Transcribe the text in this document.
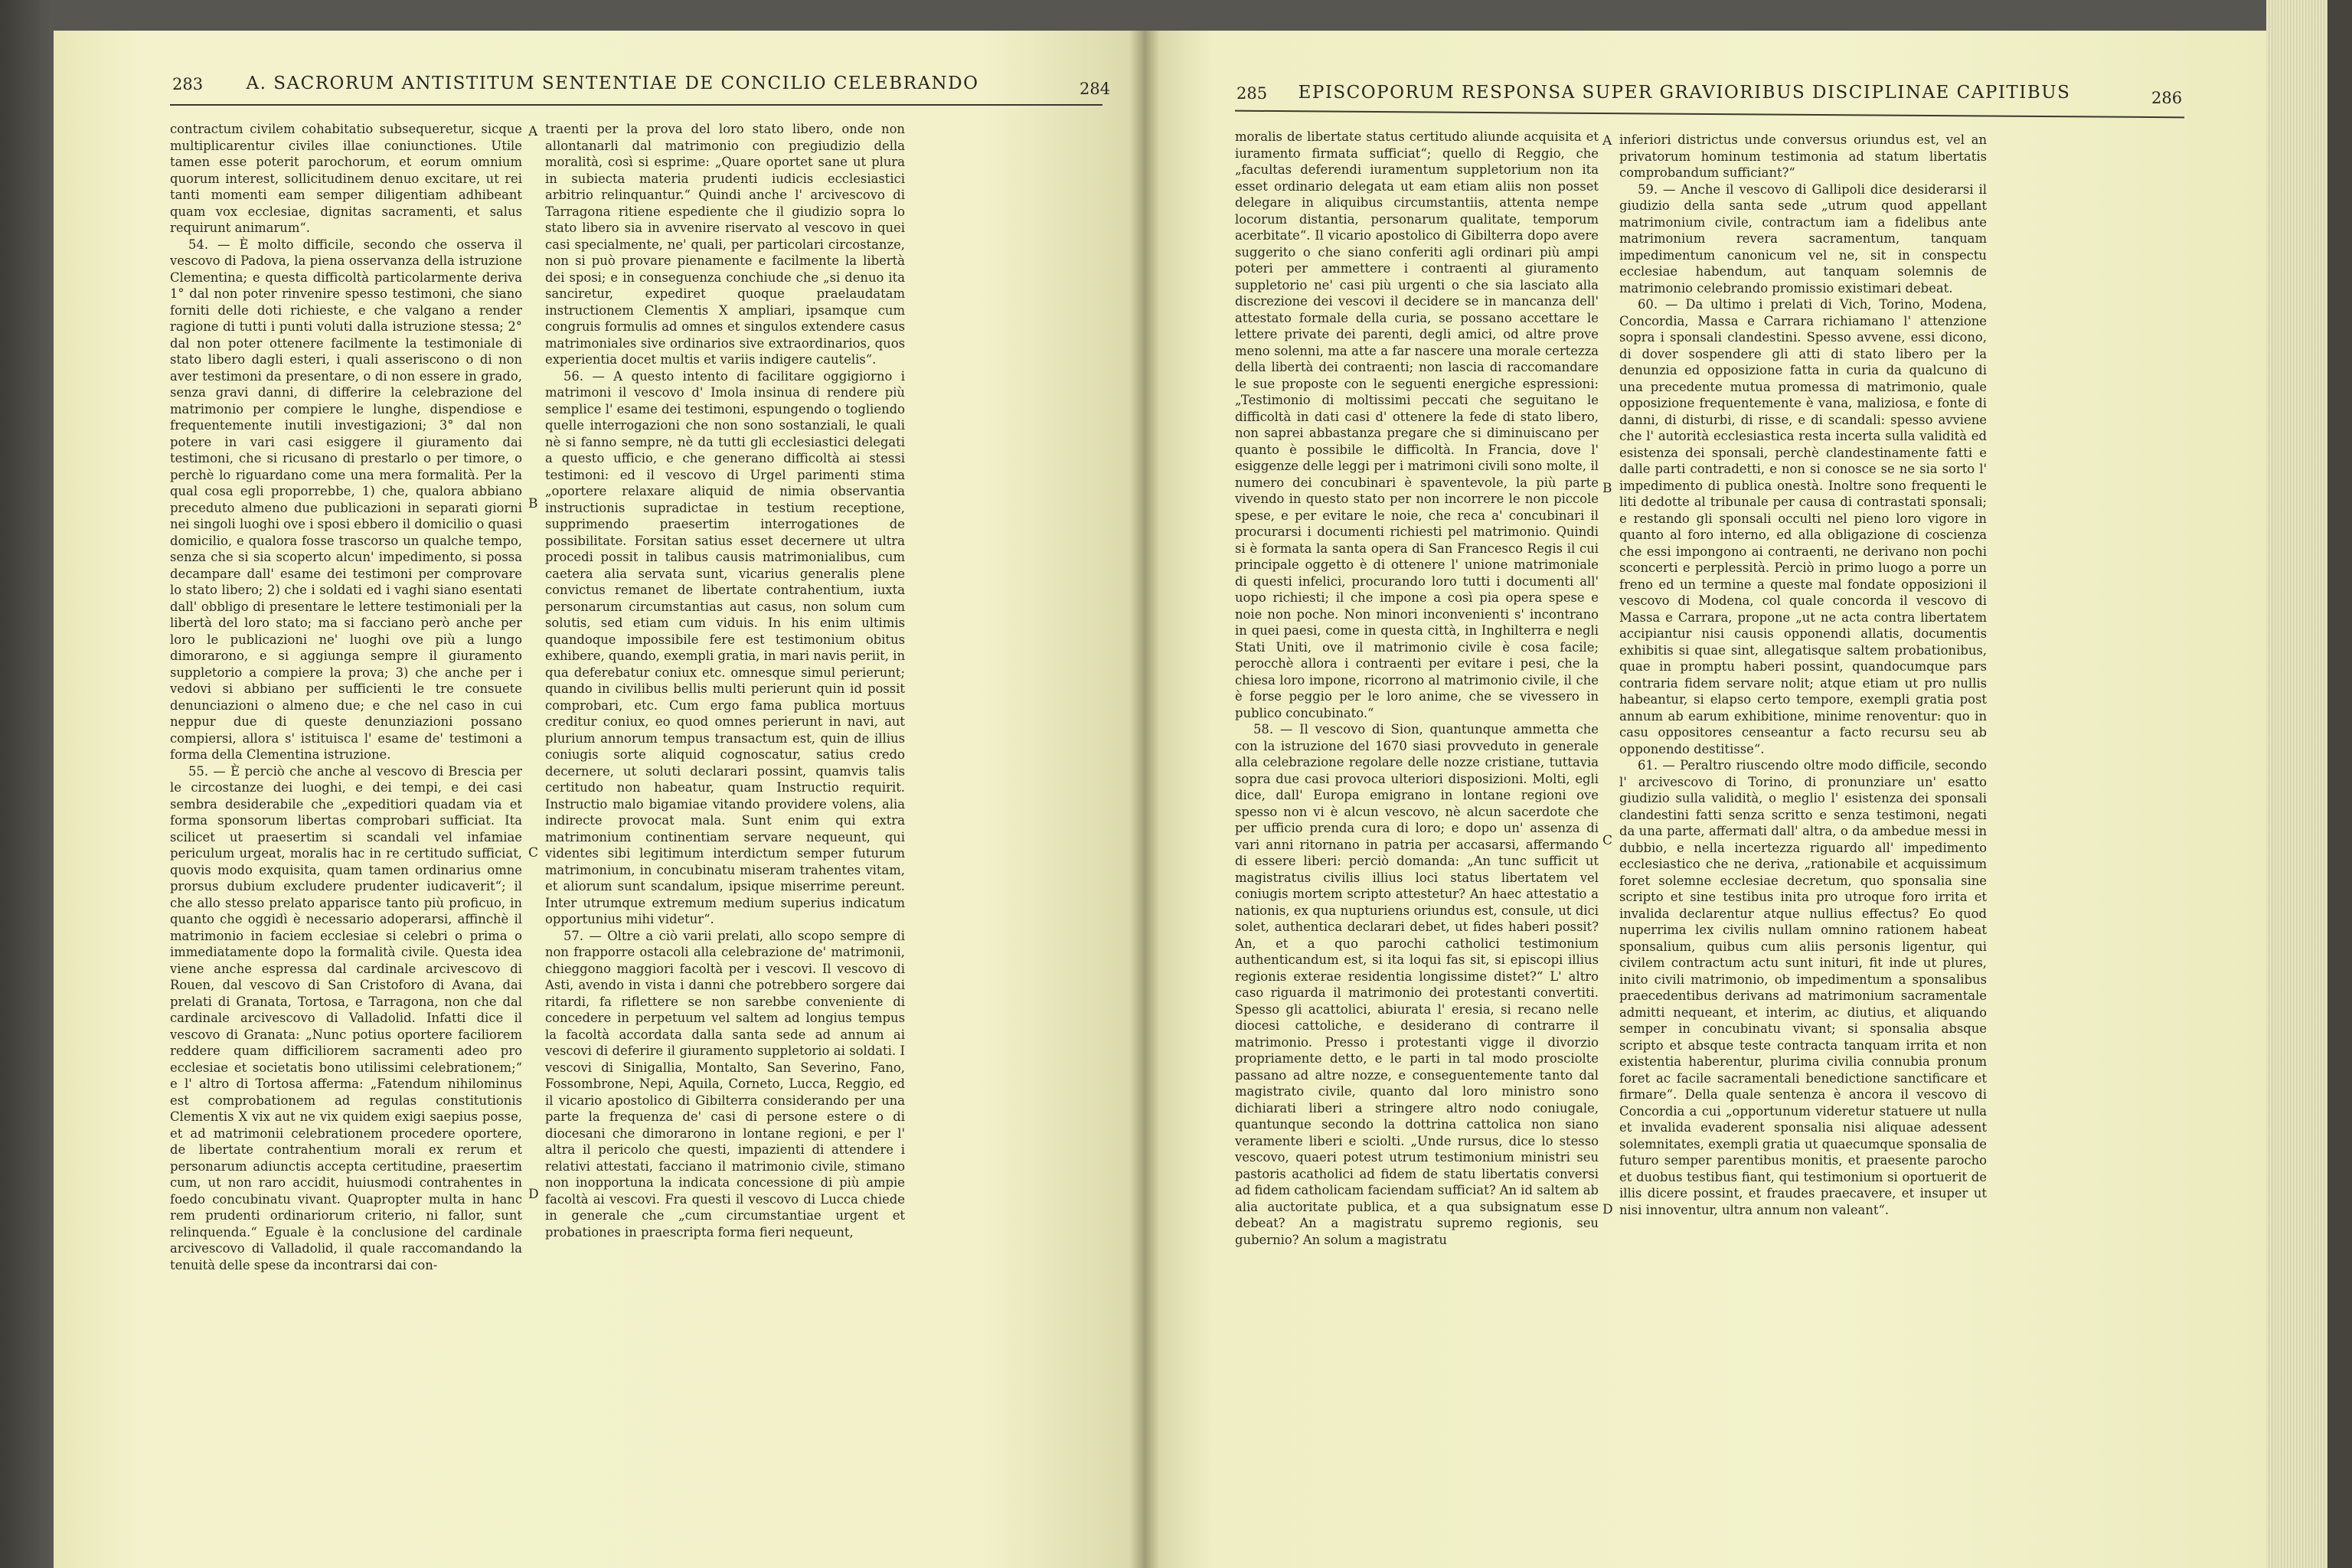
283	A. SACRORUM ANTISTITUM SENTENTIAE DE CONCILIO CELEBRANDO	284

contractum civilem cohabitatio subsequeretur, sicque multiplicarentur civiles illae coniunctiones. Utile tamen esse poterit parochorum, et eorum omnium quorum interest, sollicitudinem denuo excitare, ut rei tanti momenti eam semper diligentiam adhibeant quam vox ecclesiae, dignitas sacramenti, et salus requirunt animarum“.

54. — È molto difficile, secondo che osserva il vescovo di Padova, la piena osservanza della istruzione Clementina; e questa difficoltà particolarmente deriva 1° dal non poter rinvenire spesso testimoni, che siano forniti delle doti richieste, e che valgano a render ragione di tutti i punti voluti dalla istruzione stessa; 2° dal non poter ottenere facilmente la testimoniale di stato libero dagli esteri, i quali asseriscono o di non aver testimoni da presentare, o di non essere in grado, senza gravi danni, di differire la celebrazione del matrimonio per compiere le lunghe, dispendiose e frequentemente inutili investigazioni; 3° dal non potere in vari casi esiggere il giuramento dai testimoni, che si ricusano di prestarlo o per timore, o perchè lo riguardano come una mera formalità. Per la qual cosa egli proporrebbe, 1) che, qualora abbiano preceduto almeno due publicazioni in separati giorni nei singoli luoghi ove i sposi ebbero il domicilio o quasi domicilio, e qualora fosse trascorso un qualche tempo, senza che si sia scoperto alcun' impedimento, si possa decampare dall' esame dei testimoni per comprovare lo stato libero; 2) che i soldati ed i vaghi siano esentati dall' obbligo di presentare le lettere testimoniali per la libertà del loro stato; ma si facciano però anche per loro le publicazioni ne' luoghi ove più a lungo dimorarono, e si aggiunga sempre il giuramento suppletorio a compiere la prova; 3) che anche per i vedovi si abbiano per sufficienti le tre consuete denunciazioni o almeno due; e che nel caso in cui neppur due di queste denunziazioni possano compiersi, allora s' istituisca l' esame de' testimoni a forma della Clementina istruzione.

55. — È perciò che anche al vescovo di Brescia per le circostanze dei luoghi, e dei tempi, e dei casi sembra desiderabile che „expeditiori quadam via et forma sponsorum libertas comprobari sufficiat. Ita scilicet ut praesertim si scandali vel infamiae periculum urgeat, moralis hac in re certitudo sufficiat, quovis modo exquisita, quam tamen ordinarius omne prorsus dubium excludere prudenter iudicaverit“; il che allo stesso prelato apparisce tanto più proficuo, in quanto che oggidì è necessario adoperarsi, affinchè il matrimonio in faciem ecclesiae si celebri o prima o immediatamente dopo la formalità civile. Questa idea viene anche espressa dal cardinale arcivescovo di Rouen, dal vescovo di San Cristoforo di Avana, dai prelati di Granata, Tortosa, e Tarragona, non che dal cardinale arcivescovo di Valladolid. Infatti dice il vescovo di Granata: „Nunc potius oportere faciliorem reddere quam difficiliorem sacramenti adeo pro ecclesiae et societatis bono utilissimi celebrationem;“ e l' altro di Tortosa afferma: „Fatendum nihilominus est comprobationem ad regulas constitutionis Clementis X vix aut ne vix quidem exigi saepius posse, et ad matrimonii celebrationem procedere oportere, de libertate contrahentium morali ex rerum et personarum adiunctis accepta certitudine, praesertim cum, ut non raro accidit, huiusmodi contrahentes in foedo concubinatu vivant. Quapropter multa in hanc rem prudenti ordinariorum criterio, ni fallor, sunt relinquenda.“ Eguale è la conclusione del cardinale arcivescovo di Valladolid, il quale raccomandando la tenuità delle spese da incontrarsi dai con-

A
B
C
D

traenti per la prova del loro stato libero, onde non allontanarli dal matrimonio con pregiudizio della moralità, così si esprime: „Quare oportet sane ut plura in subiecta materia prudenti iudicis ecclesiastici arbitrio relinquantur.“ Quindi anche l' arcivescovo di Tarragona ritiene espediente che il giudizio sopra lo stato libero sia in avvenire riservato al vescovo in quei casi specialmente, ne' quali, per particolari circostanze, non si può provare pienamente e facilmente la libertà dei sposi; e in conseguenza conchiude che „si denuo ita sanciretur, expediret quoque praelaudatam instructionem Clementis X ampliari, ipsamque cum congruis formulis ad omnes et singulos extendere casus matrimoniales sive ordinarios sive extraordinarios, quos experientia docet multis et variis indigere cautelis“.

56. — A questo intento di facilitare oggigiorno i matrimoni il vescovo d' Imola insinua di rendere più semplice l' esame dei testimoni, espungendo o togliendo quelle interrogazioni che non sono sostanziali, le quali nè si fanno sempre, nè da tutti gli ecclesiastici delegati a questo ufficio, e che generano difficoltà ai stessi testimoni: ed il vescovo di Urgel parimenti stima „oportere relaxare aliquid de nimia observantia instructionis supradictae in testium receptione, supprimendo praesertim interrogationes de possibilitate. Forsitan satius esset decernere ut ultra procedi possit in talibus causis matrimonialibus, cum caetera alia servata sunt, vicarius generalis plene convictus remanet de libertate contrahentium, iuxta personarum circumstantias aut casus, non solum cum solutis, sed etiam cum viduis. In his enim ultimis quandoque impossibile fere est testimonium obitus exhibere, quando, exempli gratia, in mari navis periit, in qua deferebatur coniux etc. omnesque simul perierunt; quando in civilibus bellis multi perierunt quin id possit comprobari, etc. Cum ergo fama publica mortuus creditur coniux, eo quod omnes perierunt in navi, aut plurium annorum tempus transactum est, quin de illius coniugis sorte aliquid cognoscatur, satius credo decernere, ut soluti declarari possint, quamvis talis certitudo non habeatur, quam Instructio requirit. Instructio malo bigamiae vitando providere volens, alia indirecte provocat mala. Sunt enim qui extra matrimonium continentiam servare nequeunt, qui videntes sibi legitimum interdictum semper futurum matrimonium, in concubinatu miseram trahentes vitam, et aliorum sunt scandalum, ipsique miserrime pereunt. Inter utrumque extremum medium superius indicatum opportunius mihi videtur“.

57. — Oltre a ciò varii prelati, allo scopo sempre di non frapporre ostacoli alla celebrazione de' matrimonii, chieggono maggiori facoltà per i vescovi. Il vescovo di Asti, avendo in vista i danni che potrebbero sorgere dai ritardi, fa riflettere se non sarebbe conveniente di concedere in perpetuum vel saltem ad longius tempus la facoltà accordata dalla santa sede ad annum ai vescovi di deferire il giuramento suppletorio ai soldati. I vescovi di Sinigallia, Montalto, San Severino, Fano, Fossombrone, Nepi, Aquila, Corneto, Lucca, Reggio, ed il vicario apostolico di Gibilterra considerando per una parte la frequenza de' casi di persone estere o di diocesani che dimorarono in lontane regioni, e per l' altra il pericolo che questi, impazienti di attendere i relativi attestati, facciano il matrimonio civile, stimano non inopportuna la indicata concessione di più ampie facoltà ai vescovi. Fra questi il vescovo di Lucca chiede in generale che „cum circumstantiae urgent et probationes in praescripta forma fieri nequeunt,

285	EPISCOPORUM RESPONSA SUPER GRAVIORIBUS DISCIPLINAE CAPITIBUS	286

moralis de libertate status certitudo aliunde acquisita et iuramento firmata sufficiat“; quello di Reggio, che „facultas deferendi iuramentum suppletorium non ita esset ordinario delegata ut eam etiam aliis non posset delegare in aliquibus circumstantiis, attenta nempe locorum distantia, personarum qualitate, temporum acerbitate“. Il vicario apostolico di Gibilterra dopo avere suggerito o che siano conferiti agli ordinari più ampi poteri per ammettere i contraenti al giuramento suppletorio ne' casi più urgenti o che sia lasciato alla discrezione dei vescovi il decidere se in mancanza dell' attestato formale della curia, se possano accettare le lettere private dei parenti, degli amici, od altre prove meno solenni, ma atte a far nascere una morale certezza della libertà dei contraenti; non lascia di raccomandare le sue proposte con le seguenti energiche espressioni: „Testimonio di moltissimi peccati che seguitano le difficoltà in dati casi d' ottenere la fede di stato libero, non saprei abbastanza pregare che si diminuiscano per quanto è possibile le difficoltà. In Francia, dove l' esiggenze delle leggi per i matrimoni civili sono molte, il numero dei concubinari è spaventevole, la più parte vivendo in questo stato per non incorrere le non piccole spese, e per evitare le noie, che reca a' concubinari il procurarsi i documenti richiesti pel matrimonio. Quindi si è formata la santa opera di San Francesco Regis il cui principale oggetto è di ottenere l' unione matrimoniale di questi infelici, procurando loro tutti i documenti all' uopo richiesti; il che impone a così pia opera spese e noie non poche. Non minori inconvenienti s' incontrano in quei paesi, come in questa città, in Inghilterra e negli Stati Uniti, ove il matrimonio civile è cosa facile; perocchè allora i contraenti per evitare i pesi, che la chiesa loro impone, ricorrono al matrimonio civile, il che è forse peggio per le loro anime, che se vivessero in publico concubinato.“

58. — Il vescovo di Sion, quantunque ammetta che con la istruzione del 1670 siasi provveduto in generale alla celebrazione regolare delle nozze cristiane, tuttavia sopra due casi provoca ulteriori disposizioni. Molti, egli dice, dall' Europa emigrano in lontane regioni ove spesso non vi è alcun vescovo, nè alcun sacerdote che per ufficio prenda cura di loro; e dopo un' assenza di vari anni ritornano in patria per accasarsi, affermando di essere liberi: perciò domanda: „An tunc sufficit ut magistratus civilis illius loci status libertatem vel coniugis mortem scripto attestetur? An haec attestatio a nationis, ex qua nupturiens oriundus est, consule, ut dici solet, authentica declarari debet, ut fides haberi possit? An, et a quo parochi catholici testimonium authenticandum est, si ita loqui fas sit, si episcopi illius regionis exterae residentia longissime distet?“ L' altro caso riguarda il matrimonio dei protestanti convertiti. Spesso gli acattolici, abiurata l' eresia, si recano nelle diocesi cattoliche, e desiderano di contrarre il matrimonio. Presso i protestanti vigge il divorzio propriamente detto, e le parti in tal modo prosciolte passano ad altre nozze, e conseguentemente tanto dal magistrato civile, quanto dal loro ministro sono dichiarati liberi a stringere altro nodo coniugale, quantunque secondo la dottrina cattolica non siano veramente liberi e sciolti. „Unde rursus, dice lo stesso vescovo, quaeri potest utrum testimonium ministri seu pastoris acatholici ad fidem de statu libertatis conversi ad fidem catholicam faciendam sufficiat? An id saltem ab alia auctoritate publica, et a qua subsignatum esse debeat? An a magistratu supremo regionis, seu gubernio? An solum a magistratu

A
B
C
D

inferiori districtus unde conversus oriundus est, vel an privatorum hominum testimonia ad statum libertatis comprobandum sufficiant?“

59. — Anche il vescovo di Gallipoli dice desiderarsi il giudizio della santa sede „utrum quod appellant matrimonium civile, contractum iam a fidelibus ante matrimonium revera sacramentum, tanquam impedimentum canonicum vel ne, sit in conspectu ecclesiae habendum, aut tanquam solemnis de matrimonio celebrando promissio existimari debeat.

60. — Da ultimo i prelati di Vich, Torino, Modena, Concordia, Massa e Carrara richiamano l' attenzione sopra i sponsali clandestini. Spesso avvene, essi dicono, di dover sospendere gli atti di stato libero per la denunzia ed opposizione fatta in curia da qualcuno di una precedente mutua promessa di matrimonio, quale opposizione frequentemente è vana, maliziosa, e fonte di danni, di disturbi, di risse, e di scandali: spesso avviene che l' autorità ecclesiastica resta incerta sulla validità ed esistenza dei sponsali, perchè clandestinamente fatti e dalle parti contradetti, e non si conosce se ne sia sorto l' impedimento di publica onestà. Inoltre sono frequenti le liti dedotte al tribunale per causa di contrastati sponsali; e restando gli sponsali occulti nel pieno loro vigore in quanto al foro interno, ed alla obligazione di coscienza che essi impongono ai contraenti, ne derivano non pochi sconcerti e perplessità. Perciò in primo luogo a porre un freno ed un termine a queste mal fondate opposizioni il vescovo di Modena, col quale concorda il vescovo di Massa e Carrara, propone „ut ne acta contra libertatem accipiantur nisi causis opponendi allatis, documentis exhibitis si quae sint, allegatisque saltem probationibus, quae in promptu haberi possint, quandocumque pars contraria fidem servare nolit; atque etiam ut pro nullis habeantur, si elapso certo tempore, exempli gratia post annum ab earum exhibitione, minime renoventur: quo in casu oppositores censeantur a facto recursu seu ab opponendo destitisse“.

61. — Peraltro riuscendo oltre modo difficile, secondo l' arcivescovo di Torino, di pronunziare un' esatto giudizio sulla validità, o meglio l' esistenza dei sponsali clandestini fatti senza scritto e senza testimoni, negati da una parte, affermati dall' altra, o da ambedue messi in dubbio, e nella incertezza riguardo all' impedimento ecclesiastico che ne deriva, „rationabile et acquissimum foret solemne ecclesiae decretum, quo sponsalia sine scripto et sine testibus inita pro utroque foro irrita et invalida declarentur atque nullius effectus? Eo quod nuperrima lex civilis nullam omnino rationem habeat sponsalium, quibus cum aliis personis ligentur, qui civilem contractum actu sunt inituri, fit inde ut plures, inito civili matrimonio, ob impedimentum a sponsalibus praecedentibus derivans ad matrimonium sacramentale admitti nequeant, et interim, ac diutius, et aliquando semper in concubinatu vivant; si sponsalia absque scripto et absque teste contracta tanquam irrita et non existentia haberentur, plurima civilia connubia pronum foret ac facile sacramentali benedictione sanctificare et firmare“. Della quale sentenza è ancora il vescovo di Concordia a cui „opportunum videretur statuere ut nulla et invalida evaderent sponsalia nisi aliquae adessent solemnitates, exempli gratia ut quaecumque sponsalia de futuro semper parentibus monitis, et praesente parocho et duobus testibus fiant, qui testimonium si oportuerit de illis dicere possint, et fraudes praecavere, et insuper ut nisi innoventur, ultra annum non valeant“.
